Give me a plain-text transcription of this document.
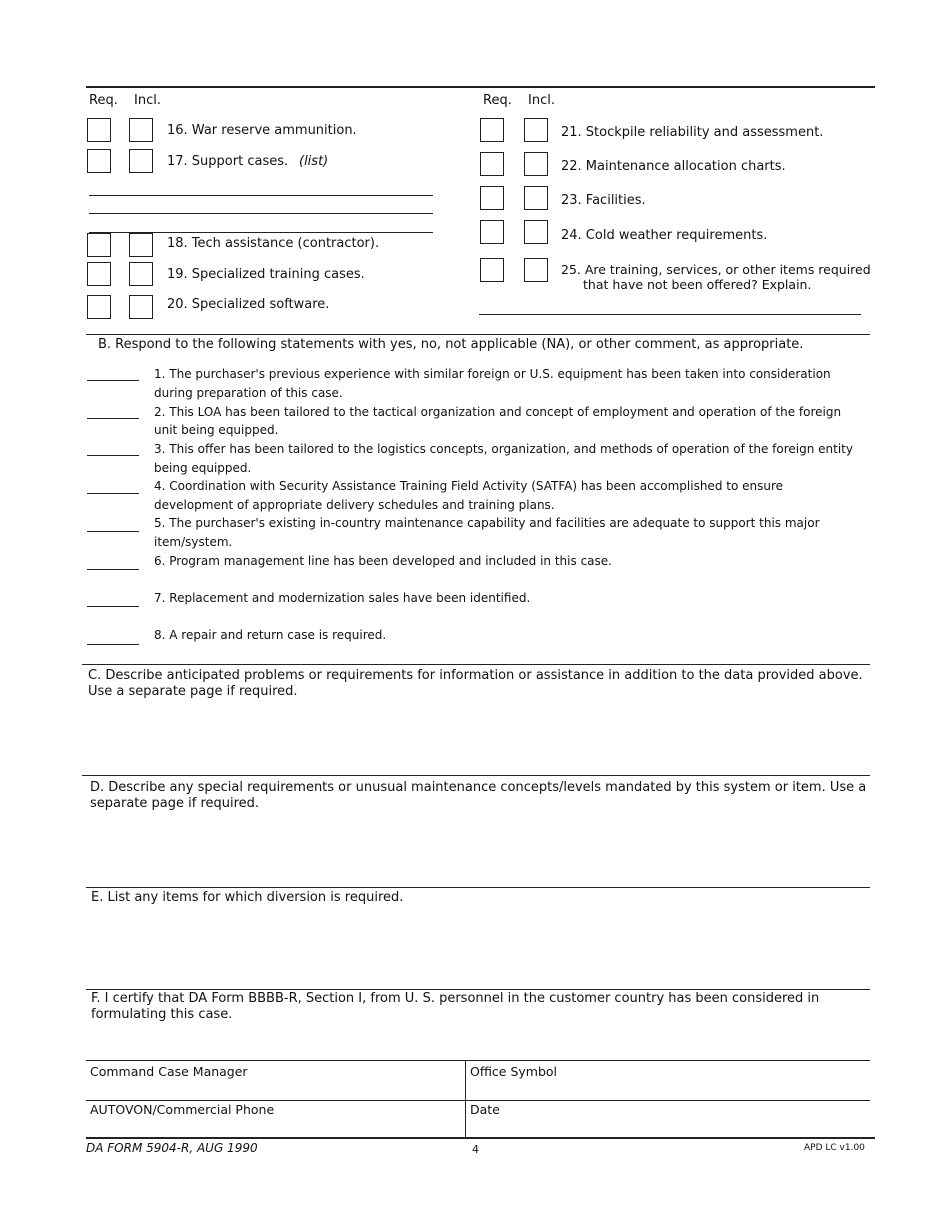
Req. Incl.
16. War reserve ammunition.
17. Support cases. (list)
18. Tech assistance (contractor).
19. Specialized training cases.
20. Specialized software.
Req. Incl.
21. Stockpile reliability and assessment.
22. Maintenance allocation charts.
23. Facilities.
24. Cold weather requirements.
25. Are training, services, or other items required
that have not been offered? Explain.
B. Respond to the following statements with yes, no, not applicable (NA), or other comment, as appropriate.
1. The purchaser's previous experience with similar foreign or U.S. equipment has been taken into consideration
during preparation of this case.
2. This LOA has been tailored to the tactical organization and concept of employment and operation of the foreign
unit being equipped.
3. This offer has been tailored to the logistics concepts, organization, and methods of operation of the foreign entity
being equipped.
4. Coordination with Security Assistance Training Field Activity (SATFA) has been accomplished to ensure
development of appropriate delivery schedules and training plans.
5. The purchaser's existing in-country maintenance capability and facilities are adequate to support this major
item/system.
6. Program management line has been developed and included in this case.
7. Replacement and modernization sales have been identified.
8. A repair and return case is required.
C. Describe anticipated problems or requirements for information or assistance in addition to the data provided above.
Use a separate page if required.
D. Describe any special requirements or unusual maintenance concepts/levels mandated by this system or item. Use a
separate page if required.
E. List any items for which diversion is required.
F. I certify that DA Form BBBB-R, Section I, from U. S. personnel in the customer country has been considered in
formulating this case.
Command Case Manager	Office Symbol
AUTOVON/Commercial Phone	Date
DA FORM 5904-R, AUG 1990	4	APD LC v1.00
